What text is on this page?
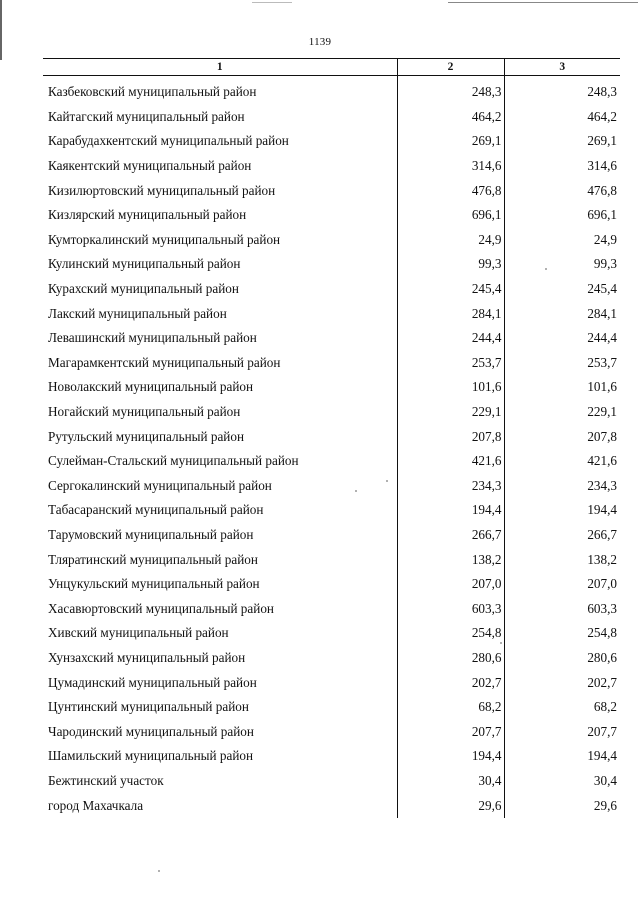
1139
1	2	3
Казбековский муниципальный район	248,3	248,3
Кайтагский муниципальный район	464,2	464,2
Карабудахкентский муниципальный район	269,1	269,1
Каякентский муниципальный район	314,6	314,6
Кизилюртовский муниципальный район	476,8	476,8
Кизлярский муниципальный район	696,1	696,1
Кумторкалинский муниципальный район	24,9	24,9
Кулинский муниципальный район	99,3	99,3
Курахский муниципальный район	245,4	245,4
Лакский муниципальный район	284,1	284,1
Левашинский муниципальный район	244,4	244,4
Магарамкентский муниципальный район	253,7	253,7
Новолакский муниципальный район	101,6	101,6
Ногайский муниципальный район	229,1	229,1
Рутульский муниципальный район	207,8	207,8
Сулейман-Стальский муниципальный район	421,6	421,6
Сергокалинский муниципальный район	234,3	234,3
Табасаранский муниципальный район	194,4	194,4
Тарумовский муниципальный район	266,7	266,7
Тляратинский муниципальный район	138,2	138,2
Унцукульский муниципальный район	207,0	207,0
Хасавюртовский муниципальный район	603,3	603,3
Хивский муниципальный район	254,8	254,8
Хунзахский муниципальный район	280,6	280,6
Цумадинский муниципальный район	202,7	202,7
Цунтинский муниципальный район	68,2	68,2
Чародинский муниципальный район	207,7	207,7
Шамильский муниципальный район	194,4	194,4
Бежтинский участок	30,4	30,4
город Махачкала	29,6	29,6
